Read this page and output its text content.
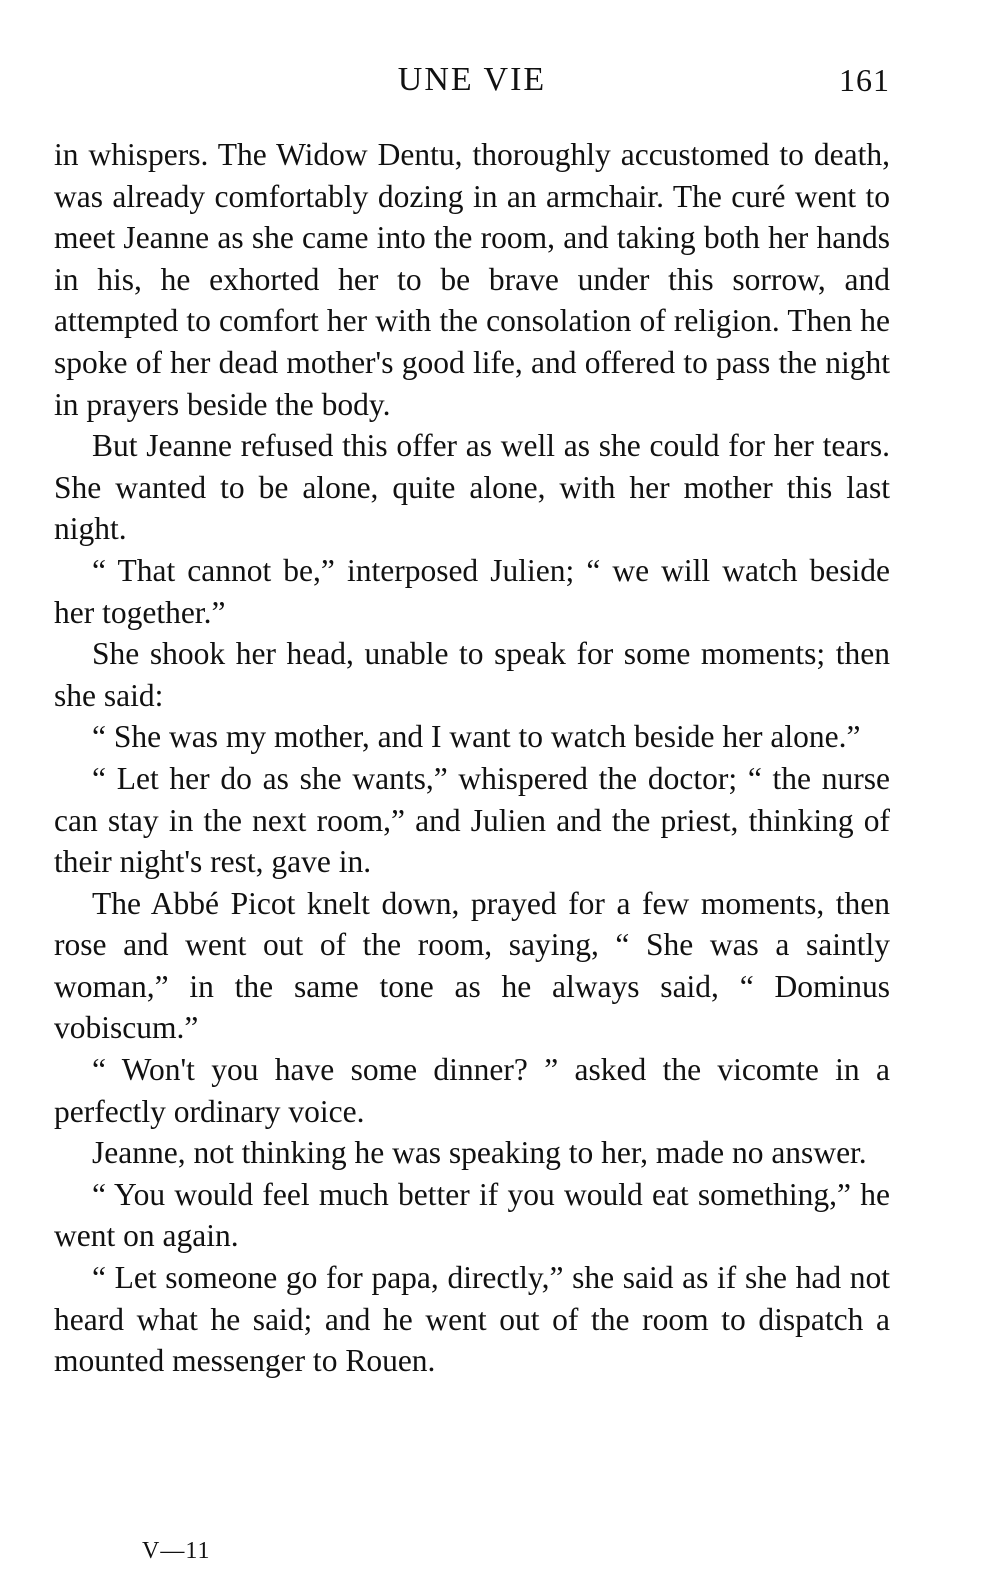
UNE VIE	161

in whispers. The Widow Dentu, thoroughly accustomed to death, was already comfortably dozing in an armchair. The curé went to meet Jeanne as she came into the room, and taking both her hands in his, he exhorted her to be brave under this sorrow, and attempted to comfort her with the consolation of religion. Then he spoke of her dead mother's good life, and offered to pass the night in prayers beside the body.

But Jeanne refused this offer as well as she could for her tears. She wanted to be alone, quite alone, with her mother this last night.

“ That cannot be,” interposed Julien; “ we will watch beside her together.”

She shook her head, unable to speak for some moments; then she said:

“ She was my mother, and I want to watch beside her alone.”

“ Let her do as she wants,” whispered the doctor; “ the nurse can stay in the next room,” and Julien and the priest, thinking of their night's rest, gave in.

The Abbé Picot knelt down, prayed for a few moments, then rose and went out of the room, saying, “ She was a saintly woman,” in the same tone as he always said, “ Dominus vobiscum.”

“ Won't you have some dinner? ” asked the vicomte in a perfectly ordinary voice.

Jeanne, not thinking he was speaking to her, made no answer.

“ You would feel much better if you would eat something,” he went on again.

“ Let someone go for papa, directly,” she said as if she had not heard what he said; and he went out of the room to dispatch a mounted messenger to Rouen.

V—11
